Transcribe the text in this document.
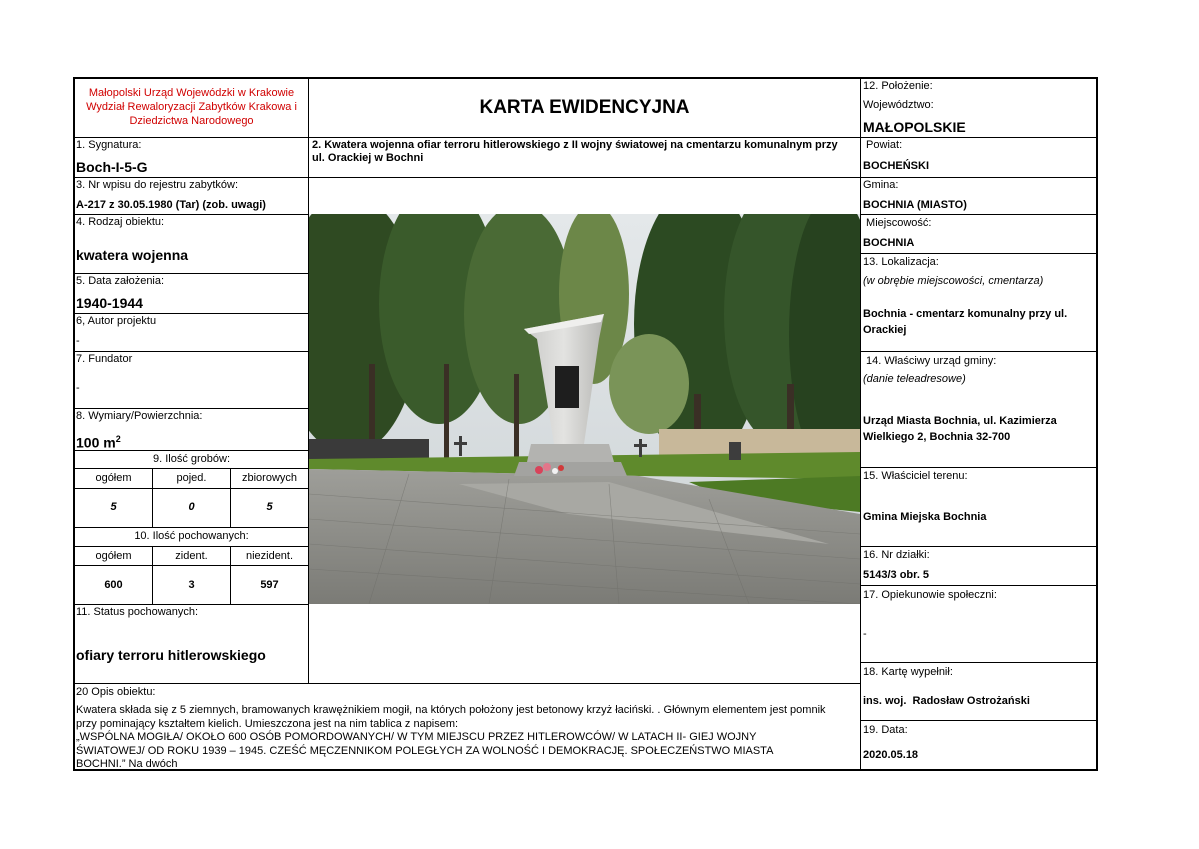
Małopolski Urząd Wojewódzki w Krakowie
Wydział Rewaloryzacji Zabytków Krakowa i
Dziedzictwa Narodowego
KARTA EWIDENCYJNA
1. Sygnatura:
Boch-I-5-G
3. Nr wpisu do rejestru zabytków:
A-217 z 30.05.1980 (Tar) (zob. uwagi)
4. Rodzaj obiektu:
kwatera wojenna
5. Data założenia:
1940-1944
6, Autor projektu
-
7. Fundator
-
8. Wymiary/Powierzchnia:
100 $m^2$
9. Ilość grobów:
ogółem	pojed.	zbiorowych
5	0	5
10. Ilość pochowanych:
ogółem	zident.	niezident.
600	3	597
11. Status pochowanych:
ofiary terroru hitlerowskiego
2. Kwatera wojenna ofiar terroru hitlerowskiego z II wojny światowej na cmentarzu komunalnym przy
ul. Orackiej w Bochni
20 Opis obiektu:
Kwatera składa się z 5 ziemnych, bramowanych krawężnikiem mogił, na których położony jest betonowy krzyż łaciński. . Głównym elementem jest pomnik
przy pominający kształtem kielich. Umieszczona jest na nim tablica z napisem:
„WSPÓLNA MOGIŁA/ OKOŁO 600 OSÓB POMORDOWANYCH/ W TYM MIEJSCU PRZEZ HITLEROWCÓW/ W LATACH II- GIEJ WOJNY
ŚWIATOWEJ/ OD ROKU 1939 – 1945. CZEŚĆ MĘCZENNIKOM POLEGŁYCH ZA WOLNOŚĆ I DEMOKRACJĘ. SPOŁECZEŃSTWO MIASTA
BOCHNI.” Na dwóch
12. Położenie:
Województwo:
MAŁOPOLSKIE
Powiat:
BOCHEŃSKI
Gmina:
BOCHNIA (MIASTO)
Miejscowość:
BOCHNIA
13. Lokalizacja:
(w obrębie miejscowości, cmentarza)
Bochnia - cmentarz komunalny przy ul.
Orackiej
14. Właściwy urząd gminy:
(danie teleadresowe)
Urząd Miasta Bochnia, ul. Kazimierza
Wielkiego 2, Bochnia 32-700
15. Właściciel terenu:
Gmina Miejska Bochnia
16. Nr działki:
5143/3 obr. 5
17. Opiekunowie społeczni:
-
18. Kartę wypełnił:
ins. woj.  Radosław Ostrożański
19. Data:
2020.05.18
